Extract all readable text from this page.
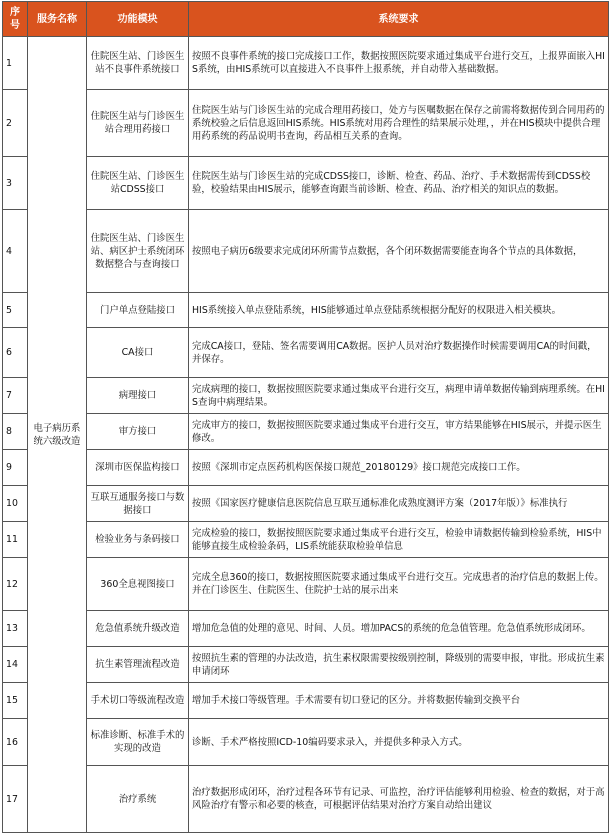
序号	服务名称	功能模块	系统要求
1	电子病历系统六级改造	住院医生站、门诊医生站不良事件系统接口	按照不良事件系统的接口完成接口工作，数据按照医院要求通过集成平台进行交互，上报界面嵌入HIS系统，由HIS系统可以直接进入不良事件上报系统，并自动带入基础数据。
2		住院医生站与门诊医生站合理用药接口	住院医生站与门诊医生站的完成合理用药接口，处方与医嘱数据在保存之前需将数据传到合同用药的系统校验之后信息返回HIS系统。HIS系统对用药合理性的结果展示处理，，并在HIS模块中提供合理用药系统的药品说明书查询，药品相互关系的查询。
3		住院医生站、门诊医生站CDSS接口	住院医生站与门诊医生站的完成CDSS接口，诊断、检查、药品、治疗、手术数据需传到CDSS校验，校验结果由HIS展示，能够查询跟当前诊断、检查、药品、治疗相关的知识点的数据。
4		住院医生站、门诊医生站、病区护士系统闭环数据整合与查询接口	按照电子病历6级要求完成闭环所需节点数据，各个闭环数据需要能查询各个节点的具体数据，
5		门户单点登陆接口	HIS系统接入单点登陆系统，HIS能够通过单点登陆系统根据分配好的权限进入相关模块。
6		CA接口	完成CA接口，登陆、签名需要调用CA数据。医护人员对治疗数据操作时候需要调用CA的时间戳，并保存。
7		病理接口	完成病理的接口，数据按照医院要求通过集成平台进行交互，病理申请单数据传输到病理系统。在HIS查询中病理结果。
8		审方接口	完成审方的接口，数据按照医院要求通过集成平台进行交互，审方结果能够在HIS展示，并提示医生修改。
9		深圳市医保监构接口	按照《深圳市定点医药机构医保接口规范_20180129》接口规范完成接口工作。
10		互联互通服务接口与数据接口	按照《国家医疗健康信息医院信息互联互通标准化成熟度测评方案（2017年版）》标准执行
11		检验业务与条码接口	完成检验的接口，数据按照医院要求通过集成平台进行交互，检验申请数据传输到检验系统，HIS中能够直接生成检验条码，LIS系统能获取检验单信息
12		360全息视图接口	完成全息360的接口，数据按照医院要求通过集成平台进行交互。完成患者的治疗信息的数据上传。
并在门诊医生、住院医生、住院护士站的展示出来
13		危急值系统升级改造	增加危急值的处理的意见、时间、人员。增加PACS的系统的危急值管理。危急值系统形成闭环。
14		抗生素管理流程改造	按照抗生素的管理的办法改造，抗生素权限需要按级别控制，降级别的需要申报，审批。形成抗生素申请闭环
15		手术切口等级流程改造	增加手术接口等级管理。手术需要有切口登记的区分。并将数据传输到交换平台
16		标准诊断、标准手术的实现的改造	诊断、手术严格按照ICD-10编码要求录入，并提供多种录入方式。
17		治疗系统	治疗数据形成闭环，治疗过程各环节有记录、可监控，治疗评估能够利用检验、检查的数据，对于高风险治疗有警示和必要的核查，可根据评估结果对治疗方案自动给出建议
